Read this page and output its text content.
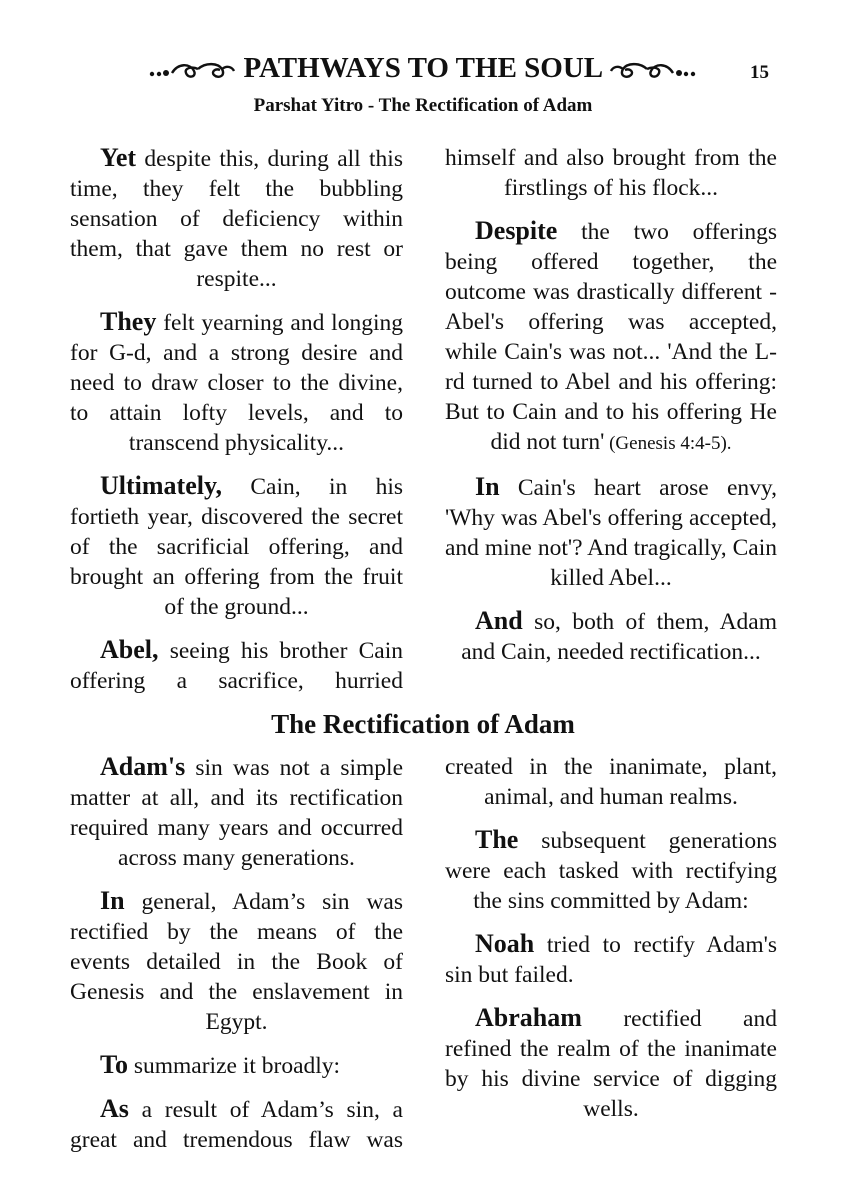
PATHWAYS TO THE SOUL	15
Parshat Yitro - The Rectification of Adam

Yet despite this, during all this time, they felt the bubbling sensation of deficiency within them, that gave them no rest or respite...

They felt yearning and longing for G-d, and a strong desire and need to draw closer to the divine, to attain lofty levels, and to transcend physicality...

Ultimately, Cain, in his fortieth year, discovered the secret of the sacrificial offering, and brought an offering from the fruit of the ground...

Abel, seeing his brother Cain offering a sacrifice, hurried

himself and also brought from the firstlings of his flock...

Despite the two offerings being offered together, the outcome was drastically different - Abel's offering was accepted, while Cain's was not... 'And the L-rd turned to Abel and his offering: But to Cain and to his offering He did not turn' (Genesis 4:4-5).

In Cain's heart arose envy, 'Why was Abel's offering accepted, and mine not'? And tragically, Cain killed Abel...

And so, both of them, Adam and Cain, needed rectification...

The Rectification of Adam

Adam's sin was not a simple matter at all, and its rectification required many years and occurred across many generations.

In general, Adam’s sin was rectified by the means of the events detailed in the Book of Genesis and the enslavement in Egypt.

To summarize it broadly:

As a result of Adam’s sin, a great and tremendous flaw was

created in the inanimate, plant, animal, and human realms.

The subsequent generations were each tasked with rectifying the sins committed by Adam:

Noah tried to rectify Adam's sin but failed.

Abraham rectified and refined the realm of the inanimate by his divine service of digging wells.
